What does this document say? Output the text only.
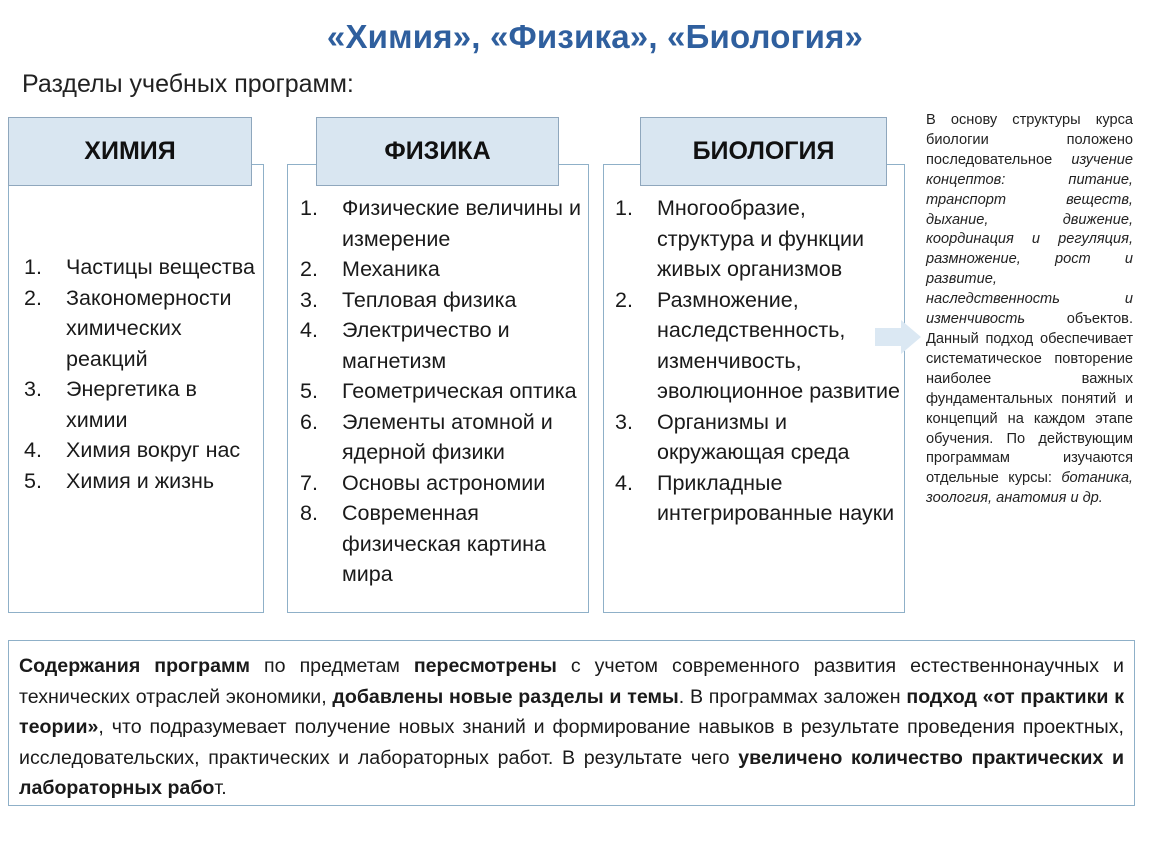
«Химия», «Физика», «Биология»
Разделы учебных программ:
1. Частицы вещества
2. Закономерности химических реакций
3. Энергетика в химии
4. Химия вокруг нас
5. Химия и жизнь
ХИМИЯ
1. Физические величины и измерение
2. Механика
3. Тепловая физика
4. Электричество и магнетизм
5. Геометрическая оптика
6. Элементы атомной и ядерной физики
7. Основы астрономии
8. Современная физическая картина мира
ФИЗИКА
1. Многообразие, структура и функции живых организмов
2. Размножение, наследственность, изменчивость, эволюционное развитие
3. Организмы и окружающая среда
4. Прикладные интегрированные науки
БИОЛОГИЯ
В основу структуры курса биологии положено последовательное изучение концептов: питание, транспорт веществ, дыхание, движение, координация и регуляция, размножение, рост и развитие, наследственность и изменчивость объектов. Данный подход обеспечивает систематическое повторение наиболее важных фундаментальных понятий и концепций на каждом этапе обучения. По действующим программам изучаются отдельные курсы: ботаника, зоология, анатомия и др.
Содержания программ по предметам пересмотрены с учетом современного развития естественнонаучных и технических отраслей экономики, добавлены новые разделы и темы. В программах заложен подход «от практики к теории», что подразумевает получение новых знаний и формирование навыков в результате проведения проектных, исследовательских, практических и лабораторных работ. В результате чего увеличено количество практических и лабораторных работ.
